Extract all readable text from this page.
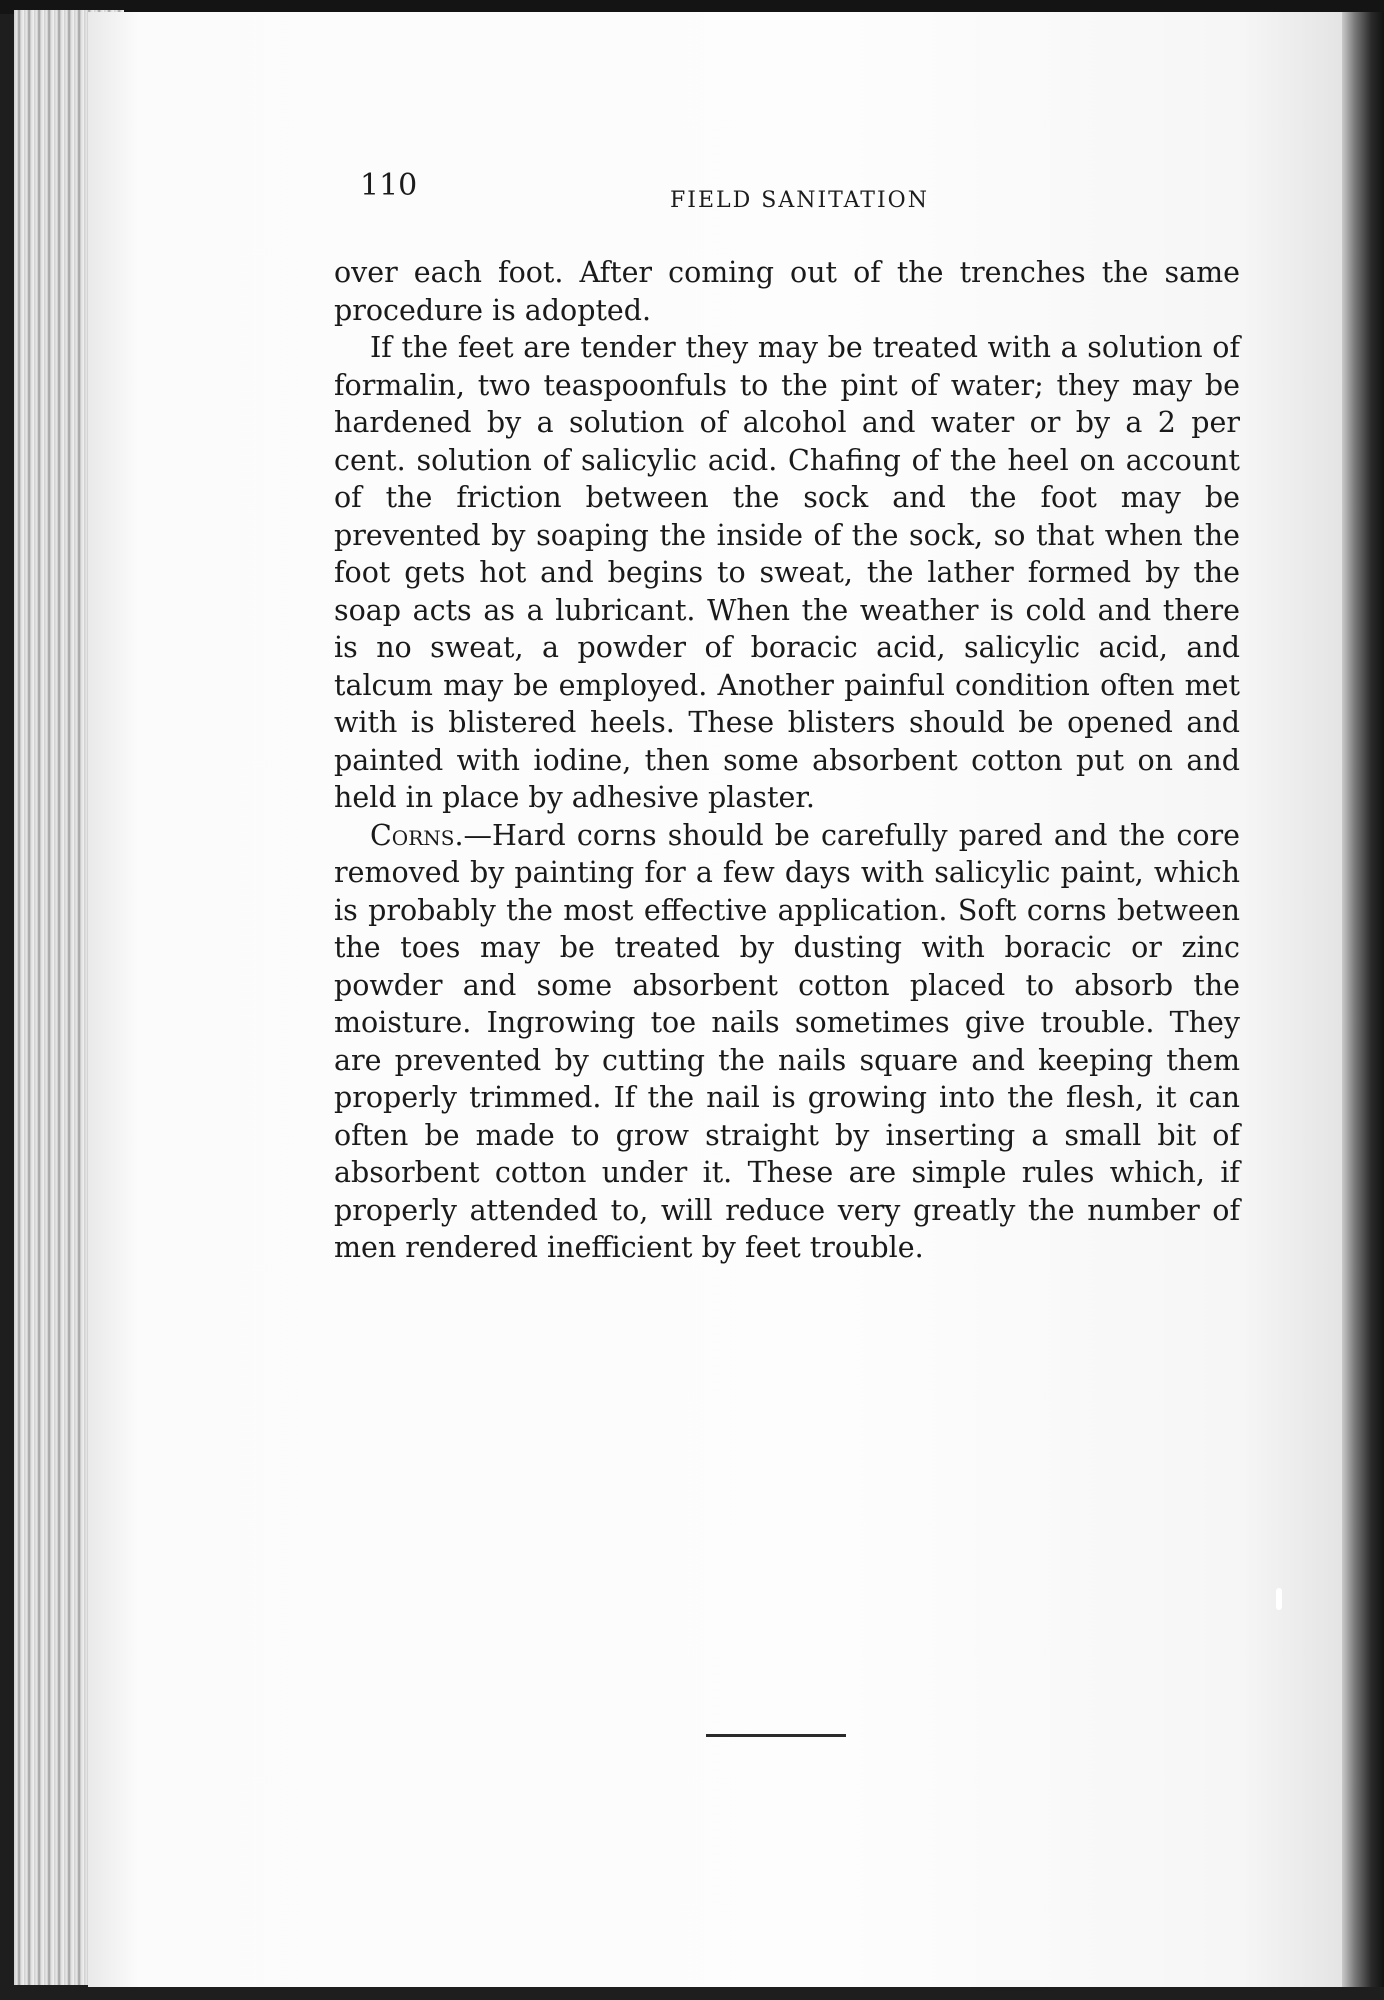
110	FIELD SANITATION

over each foot. After coming out of the trenches the same procedure is adopted.

If the feet are tender they may be treated with a solution of formalin, two teaspoonfuls to the pint of water; they may be hardened by a solution of alcohol and water or by a 2 per cent. solution of salicylic acid. Chafing of the heel on account of the friction between the sock and the foot may be prevented by soaping the inside of the sock, so that when the foot gets hot and begins to sweat, the lather formed by the soap acts as a lubricant. When the weather is cold and there is no sweat, a powder of boracic acid, salicylic acid, and talcum may be employed. Another painful condition often met with is blistered heels. These blisters should be opened and painted with iodine, then some absorbent cotton put on and held in place by adhesive plaster.

Corns.—Hard corns should be carefully pared and the core removed by painting for a few days with salicylic paint, which is probably the most effective application. Soft corns between the toes may be treated by dusting with boracic or zinc powder and some absorbent cotton placed to absorb the moisture. Ingrowing toe nails sometimes give trouble. They are prevented by cutting the nails square and keeping them properly trimmed. If the nail is growing into the flesh, it can often be made to grow straight by inserting a small bit of absorbent cotton under it. These are simple rules which, if properly attended to, will reduce very greatly the number of men rendered inefficient by feet trouble.
